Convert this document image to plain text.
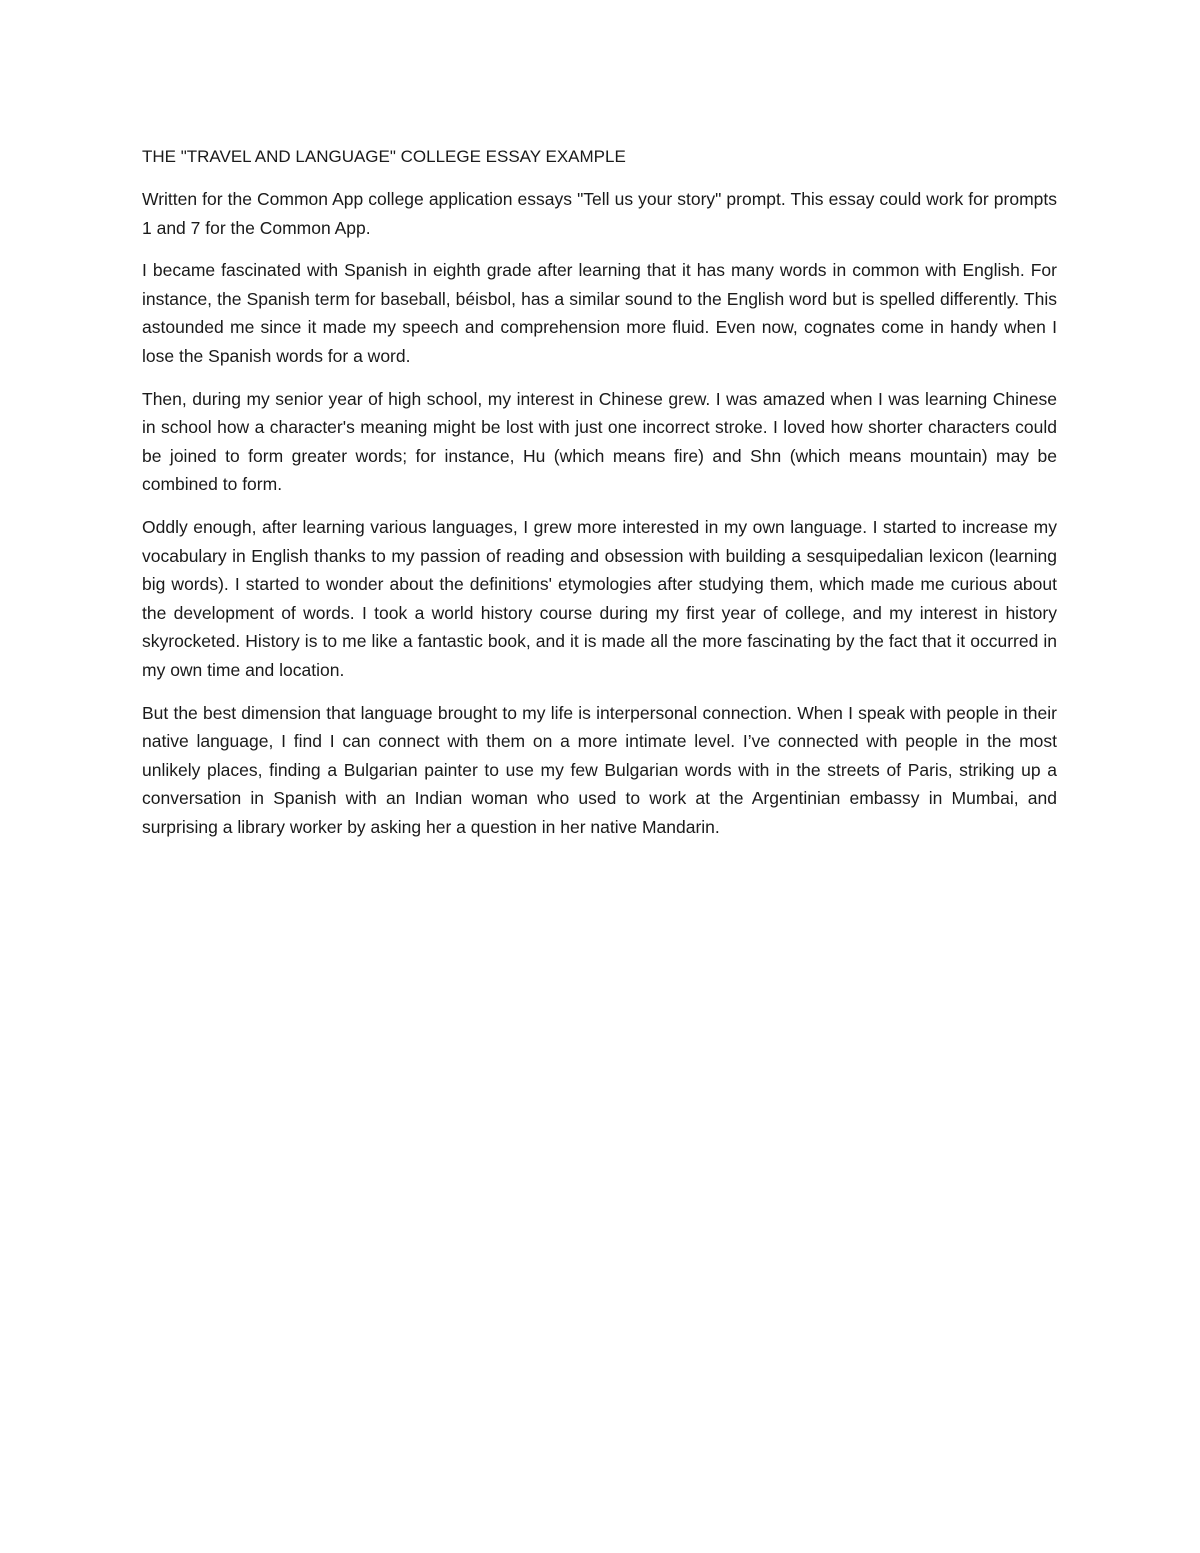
THE "TRAVEL AND LANGUAGE" COLLEGE ESSAY EXAMPLE

Written for the Common App college application essays "Tell us your story" prompt. This essay could work for prompts 1 and 7 for the Common App.

I became fascinated with Spanish in eighth grade after learning that it has many words in common with English. For instance, the Spanish term for baseball, béisbol, has a similar sound to the English word but is spelled differently. This astounded me since it made my speech and comprehension more fluid. Even now, cognates come in handy when I lose the Spanish words for a word.

Then, during my senior year of high school, my interest in Chinese grew. I was amazed when I was learning Chinese in school how a character's meaning might be lost with just one incorrect stroke. I loved how shorter characters could be joined to form greater words; for instance, Hu (which means fire) and Shn (which means mountain) may be combined to form.

Oddly enough, after learning various languages, I grew more interested in my own language. I started to increase my vocabulary in English thanks to my passion of reading and obsession with building a sesquipedalian lexicon (learning big words). I started to wonder about the definitions' etymologies after studying them, which made me curious about the development of words. I took a world history course during my first year of college, and my interest in history skyrocketed. History is to me like a fantastic book, and it is made all the more fascinating by the fact that it occurred in my own time and location.

But the best dimension that language brought to my life is interpersonal connection. When I speak with people in their native language, I find I can connect with them on a more intimate level. I’ve connected with people in the most unlikely places, finding a Bulgarian painter to use my few Bulgarian words with in the streets of Paris, striking up a conversation in Spanish with an Indian woman who used to work at the Argentinian embassy in Mumbai, and surprising a library worker by asking her a question in her native Mandarin.
